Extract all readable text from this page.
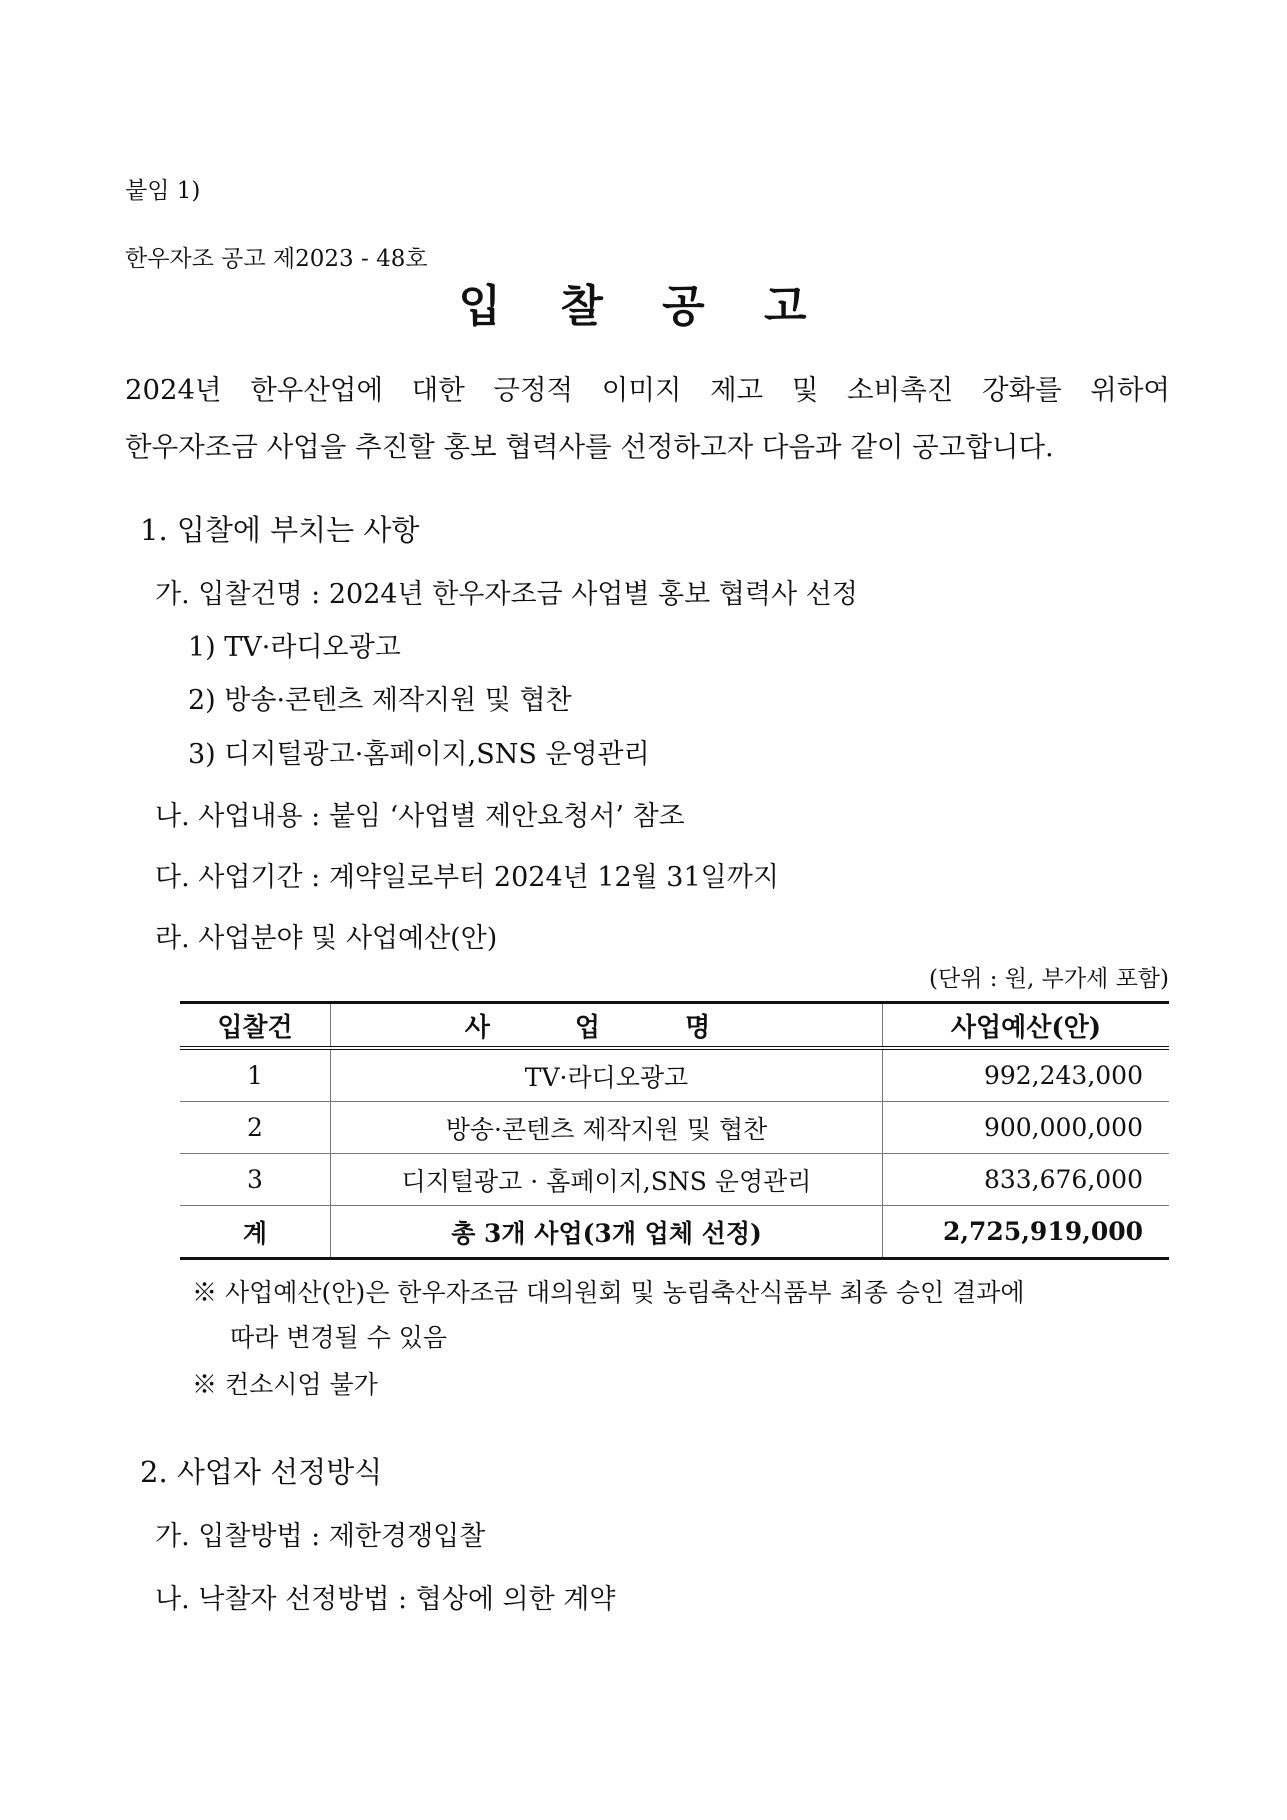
붙임 1)
한우자조 공고 제2023 - 48호
입 찰 공 고

2024년 한우산업에 대한 긍정적 이미지 제고 및 소비촉진 강화를 위하여

한우자조금 사업을 추진할 홍보 협력사를 선정하고자 다음과 같이 공고합니다.

1. 입찰에 부치는 사항
가. 입찰건명 : 2024년 한우자조금 사업별 홍보 협력사 선정
1) TV·라디오광고
2) 방송·콘텐츠 제작지원 및 협찬
3) 디지털광고·홈페이지,SNS 운영관리
나. 사업내용 : 붙임 ‘사업별 제안요청서’ 참조
다. 사업기간 : 계약일로부터 2024년 12월 31일까지
라. 사업분야 및 사업예산(안)
(단위 : 원, 부가세 포함)
입찰건	사 업 명	사업예산(안)
1	TV·라디오광고	992,243,000
2	방송·콘텐츠 제작지원 및 협찬	900,000,000
3	디지털광고 · 홈페이지,SNS 운영관리	833,676,000
계	총 3개 사업(3개 업체 선정)	2,725,919,000
※ 사업예산(안)은 한우자조금 대의원회 및 농림축산식품부 최종 승인 결과에
따라 변경될 수 있음
※ 컨소시엄 불가
2. 사업자 선정방식
가. 입찰방법 : 제한경쟁입찰
나. 낙찰자 선정방법 : 협상에 의한 계약
